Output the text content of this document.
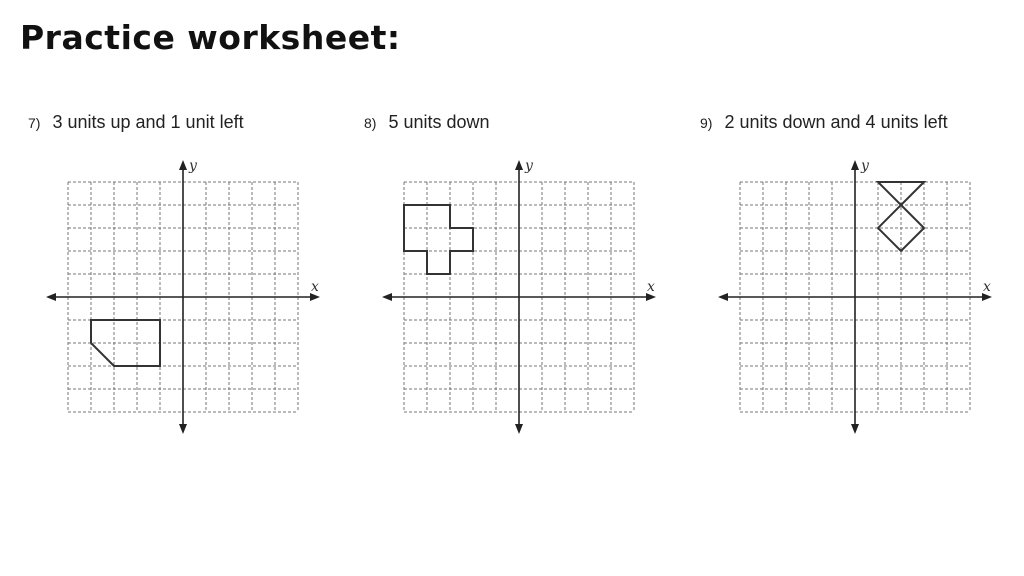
Practice worksheet:
7) 3 units up and 1 unit left
x
y
8) 5 units down
x
y
9) 2 units down and 4 units left
x
y
